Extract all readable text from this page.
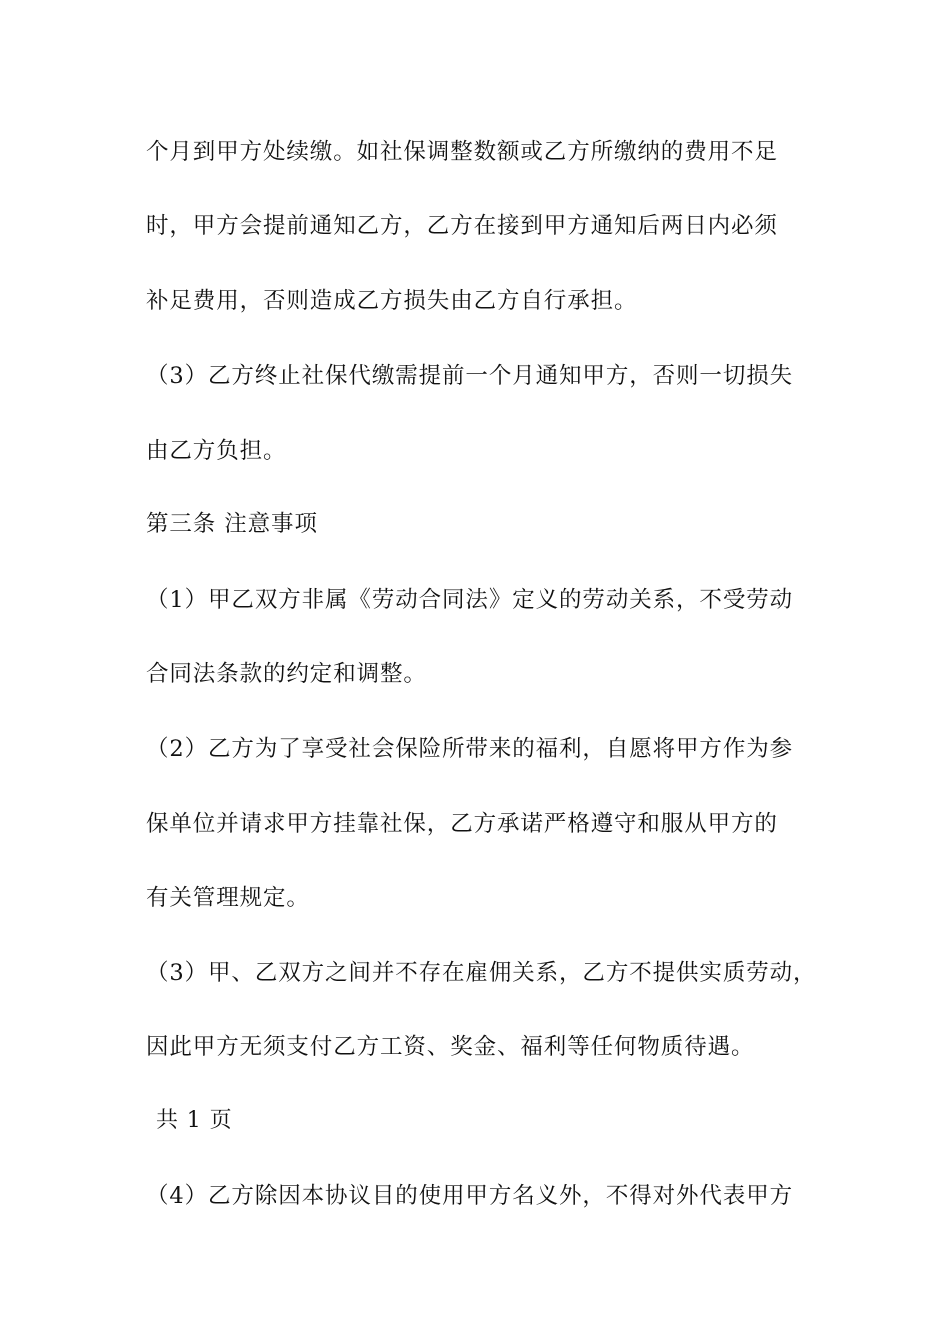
个月到甲方处续缴。如社保调整数额或乙方所缴纳的费用不足
时，甲方会提前通知乙方，乙方在接到甲方通知后两日内必须
补足费用，否则造成乙方损失由乙方自行承担。
（3）乙方终止社保代缴需提前一个月通知甲方，否则一切损失
由乙方负担。
第三条 注意事项
（1）甲乙双方非属《劳动合同法》定义的劳动关系，不受劳动
合同法条款的约定和调整。
（2）乙方为了享受社会保险所带来的福利，自愿将甲方作为参
保单位并请求甲方挂靠社保，乙方承诺严格遵守和服从甲方的
有关管理规定。
（3）甲、乙双方之间并不存在雇佣关系，乙方不提供实质劳动，
因此甲方无须支付乙方工资、奖金、福利等任何物质待遇。
共 1 页
（4）乙方除因本协议目的使用甲方名义外，不得对外代表甲方
